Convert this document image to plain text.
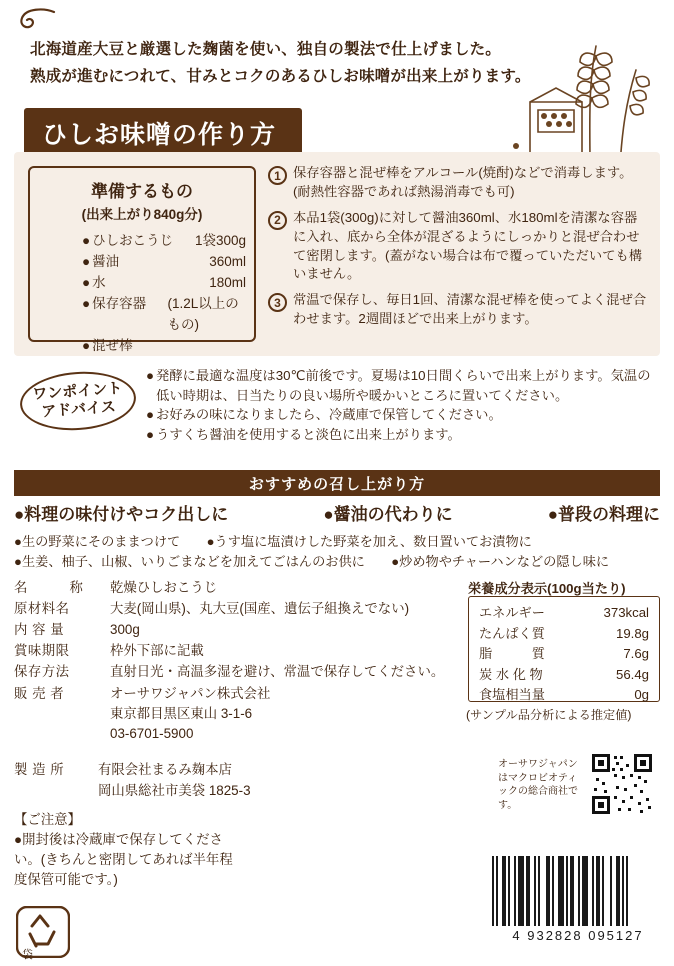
北海道産大豆と厳選した麹菌を使い、独自の製法で仕上げました。
熟成が進むにつれて、甘みとコクのあるひしお味噌が出来上がります。
ひしお味噌の作り方
準備するもの
(出来上がり840g分)
● ひしおこうじ	1袋300g
● 醤油	360ml
● 水	180ml
● 保存容器	(1.2L以上のもの)
● 混ぜ棒
1 保存容器と混ぜ棒をアルコール(焼酎)などで消毒します。(耐熱性容器であれば熱湯消毒でも可)
2 本品1袋(300g)に対して醤油360ml、水180mlを清潔な容器に入れ、底から全体が混ざるようにしっかりと混ぜ合わせて密閉します。(蓋がない場合は布で覆っていただいても構いません。
3 常温で保存し、毎日1回、清潔な混ぜ棒を使ってよく混ぜ合わせます。2週間ほどで出来上がります。
ワンポイント
アドバイス
● 発酵に最適な温度は30℃前後です。夏場は10日間くらいで出来上がります。気温の低い時期は、日当たりの良い場所や暖かいところに置いてください。
● お好みの味になりましたら、冷蔵庫で保管してください。
● うすくち醤油を使用すると淡色に出来上がります。
おすすめの召し上がり方
●料理の味付けやコク出しに	●醤油の代わりに	●普段の料理に
●生の野菜にそのままつけて　　●うす塩に塩漬けした野菜を加え、数日置いてお漬物に
●生姜、柚子、山椒、いりごまなどを加えてごはんのお供に　　●炒め物やチャーハンなどの隠し味に
名　　　称	乾燥ひしおこうじ
原材料名	大麦(岡山県)、丸大豆(国産、遺伝子組換えでない)
内 容 量	300g
賞味期限	枠外下部に記載
保存方法	直射日光・高温多湿を避け、常温で保存してください。
販 売 者	オーサワジャパン株式会社
東京都目黒区東山 3-1-6
03-6701-5900
製 造 所	有限会社まるみ麹本店
岡山県総社市美袋 1825-3
【ご注意】
●開封後は冷蔵庫で保存してください。(きちんと密閉してあれば半年程度保管可能です。)
栄養成分表示(100g当たり)
エネルギー	373kcal
たんぱく質	19.8g
脂　　　質	7.6g
炭 水 化 物	56.4g
食塩相当量	0g
(サンプル品分析による推定値)
オーサワジャパンはマクロビオティックの総合商社です。
4 932828 095127
袋
